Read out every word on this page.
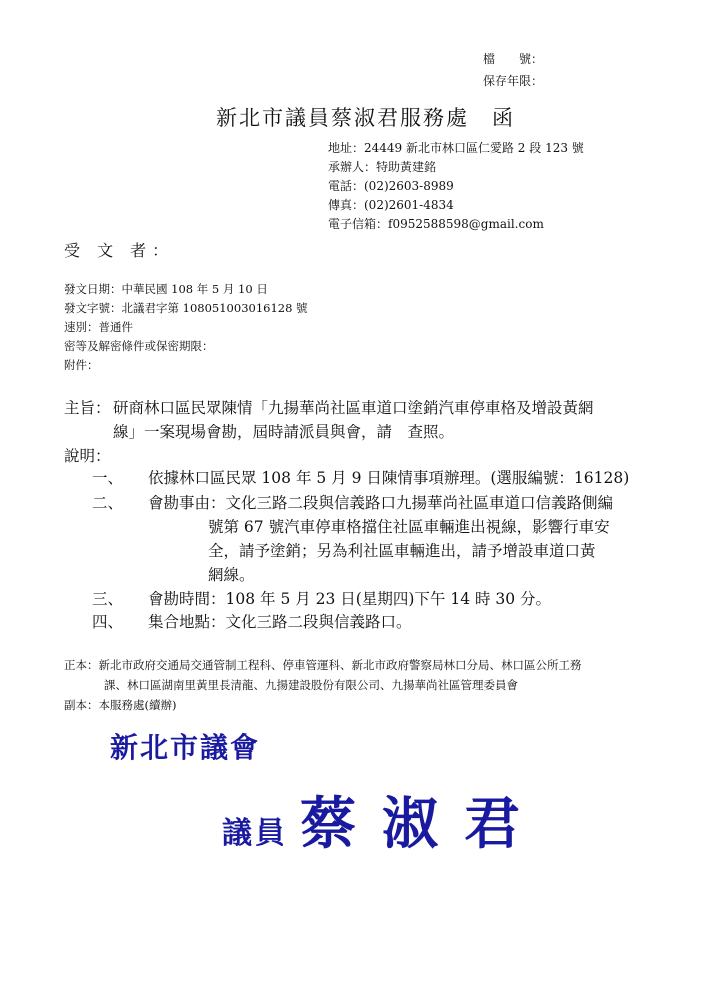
檔　　號：
保存年限：
新北市議員蔡淑君服務處　函
地址：24449 新北市林口區仁愛路 2 段 123 號
承辦人：特助黃建銘
電話：(02)2603-8989
傳真：(02)2601-4834
電子信箱：f0952588598@gmail.com
受 文 者：
發文日期：中華民國 108 年 5 月 10 日
發文字號：北議君字第 108051003016128 號
速別：普通件
密等及解密條件或保密期限：
附件：
主旨： 研商林口區民眾陳情「九揚華尚社區車道口塗銷汽車停車格及增設黃網
線」一案現場會勘，屆時請派員與會，請　查照。
說明：
一、 依據林口區民眾 108 年 5 月 9 日陳情事項辦理。(選服編號：16128)
二、 會勘事由：文化三路二段與信義路口九揚華尚社區車道口信義路側編
號第 67 號汽車停車格擋住社區車輛進出視線，影響行車安
全，請予塗銷；另為利社區車輛進出，請予增設車道口黃
網線。
三、 會勘時間：108 年 5 月 23 日(星期四)下午 14 時 30 分。
四、 集合地點：文化三路二段與信義路口。
正本：新北市政府交通局交通管制工程科、停車管運科、新北市政府警察局林口分局、林口區公所工務
課、林口區湖南里黃里長清龍、九揚建設股份有限公司、九揚華尚社區管理委員會
副本：本服務處(續辦)
新北市議會
議員 蔡淑君
